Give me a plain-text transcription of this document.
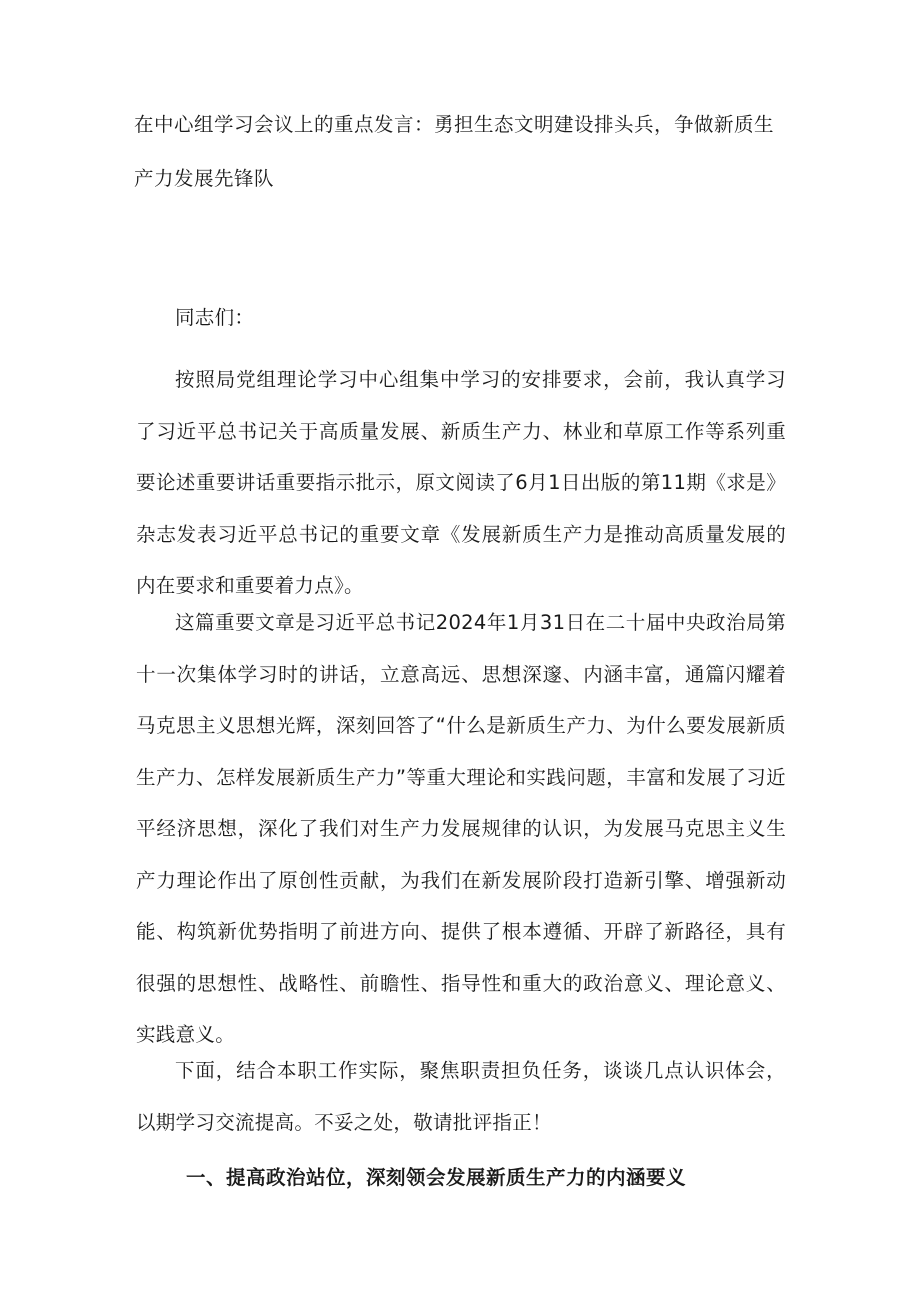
在中心组学习会议上的重点发言：勇担生态文明建设排头兵，争做新质生产力发展先锋队

同志们：

按照局党组理论学习中心组集中学习的安排要求，会前，我认真学习了习近平总书记关于高质量发展、新质生产力、林业和草原工作等系列重要论述重要讲话重要指示批示，原文阅读了6月1日出版的第11期《求是》杂志发表习近平总书记的重要文章《发展新质生产力是推动高质量发展的内在要求和重要着力点》。

这篇重要文章是习近平总书记2024年1月31日在二十届中央政治局第十一次集体学习时的讲话，立意高远、思想深邃、内涵丰富，通篇闪耀着马克思主义思想光辉，深刻回答了“什么是新质生产力、为什么要发展新质生产力、怎样发展新质生产力”等重大理论和实践问题，丰富和发展了习近平经济思想，深化了我们对生产力发展规律的认识，为发展马克思主义生产力理论作出了原创性贡献，为我们在新发展阶段打造新引擎、增强新动能、构筑新优势指明了前进方向、提供了根本遵循、开辟了新路径，具有很强的思想性、战略性、前瞻性、指导性和重大的政治意义、理论意义、实践意义。

下面，结合本职工作实际，聚焦职责担负任务，谈谈几点认识体会，以期学习交流提高。不妥之处，敬请批评指正！

一、提高政治站位，深刻领会发展新质生产力的内涵要义
